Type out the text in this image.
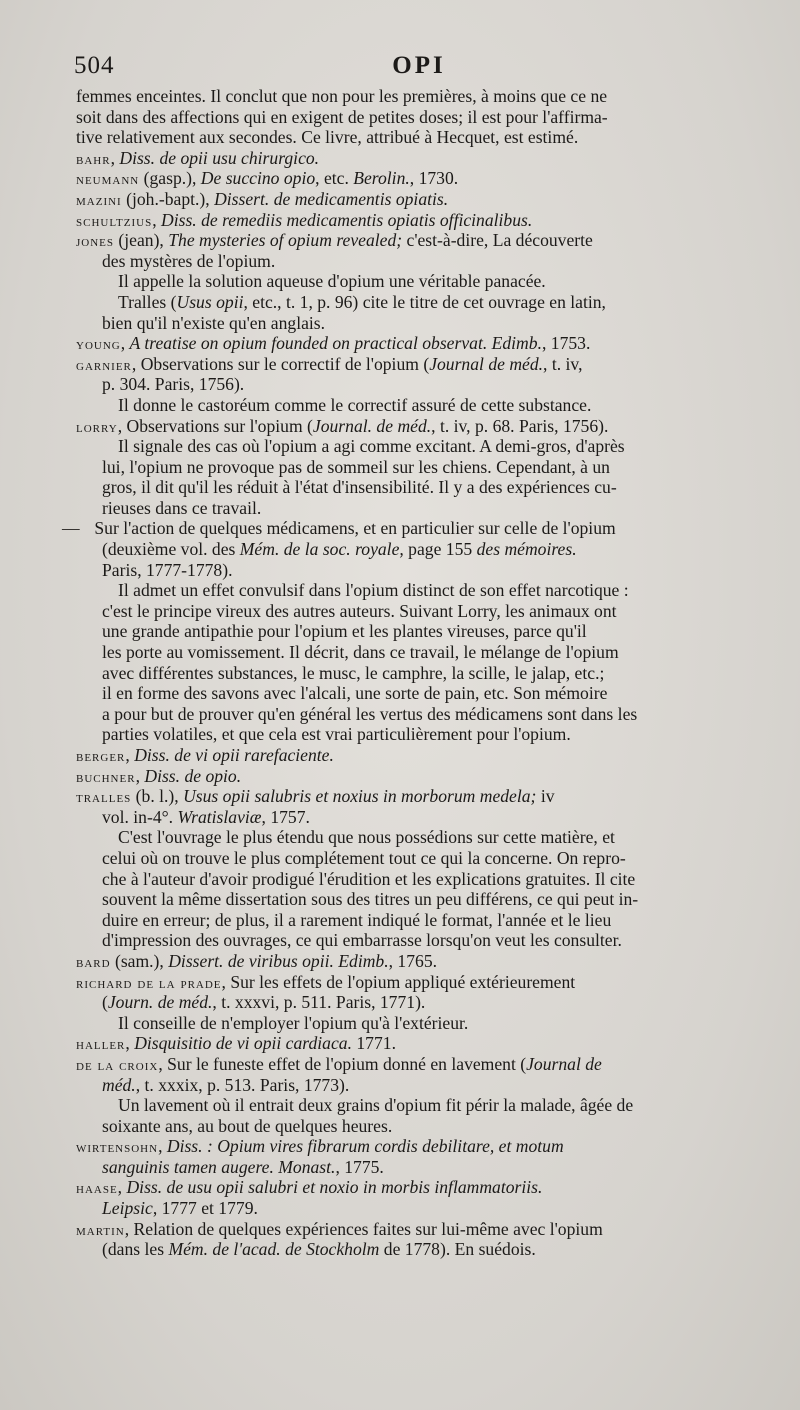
504	OPI
femmes enceintes. Il conclut que non pour les premières, à moins que ce ne
soit dans des affections qui en exigent de petites doses; il est pour l'affirma-
tive relativement aux secondes. Ce livre, attribué à Hecquet, est estimé.
bahr, Diss. de opii usu chirurgico.
neumann (gasp.), De succino opio, etc. Berolin., 1730.
mazini (joh.-bapt.), Dissert. de medicamentis opiatis.
schultzius, Diss. de remediis medicamentis opiatis officinalibus.
jones (jean), The mysteries of opium revealed; c'est-à-dire, La découverte
des mystères de l'opium.
Il appelle la solution aqueuse d'opium une véritable panacée.
Tralles (Usus opii, etc., t. 1, p. 96) cite le titre de cet ouvrage en latin,
bien qu'il n'existe qu'en anglais.
young, A treatise on opium founded on practical observat. Edimb., 1753.
garnier, Observations sur le correctif de l'opium (Journal de méd., t. iv,
p. 304. Paris, 1756).
Il donne le castoréum comme le correctif assuré de cette substance.
lorry, Observations sur l'opium (Journal. de méd., t. iv, p. 68. Paris, 1756).
Il signale des cas où l'opium a agi comme excitant. A demi-gros, d'après
lui, l'opium ne provoque pas de sommeil sur les chiens. Cependant, à un
gros, il dit qu'il les réduit à l'état d'insensibilité. Il y a des expériences cu-
rieuses dans ce travail.
— Sur l'action de quelques médicamens, et en particulier sur celle de l'opium
(deuxième vol. des Mém. de la soc. royale, page 155 des mémoires.
Paris, 1777-1778).
Il admet un effet convulsif dans l'opium distinct de son effet narcotique :
c'est le principe vireux des autres auteurs. Suivant Lorry, les animaux ont
une grande antipathie pour l'opium et les plantes vireuses, parce qu'il
les porte au vomissement. Il décrit, dans ce travail, le mélange de l'opium
avec différentes substances, le musc, le camphre, la scille, le jalap, etc.;
il en forme des savons avec l'alcali, une sorte de pain, etc. Son mémoire
a pour but de prouver qu'en général les vertus des médicamens sont dans les
parties volatiles, et que cela est vrai particulièrement pour l'opium.
berger, Diss. de vi opii rarefaciente.
buchner, Diss. de opio.
tralles (b. l.), Usus opii salubris et noxius in morborum medela; iv
vol. in-4°. Wratislaviæ, 1757.
C'est l'ouvrage le plus étendu que nous possédions sur cette matière, et
celui où on trouve le plus complétement tout ce qui la concerne. On repro-
che à l'auteur d'avoir prodigué l'érudition et les explications gratuites. Il cite
souvent la même dissertation sous des titres un peu différens, ce qui peut in-
duire en erreur; de plus, il a rarement indiqué le format, l'année et le lieu
d'impression des ouvrages, ce qui embarrasse lorsqu'on veut les consulter.
bard (sam.), Dissert. de viribus opii. Edimb., 1765.
richard de la prade, Sur les effets de l'opium appliqué extérieurement
(Journ. de méd., t. xxxvi, p. 511. Paris, 1771).
Il conseille de n'employer l'opium qu'à l'extérieur.
haller, Disquisitio de vi opii cardiaca. 1771.
de la croix, Sur le funeste effet de l'opium donné en lavement (Journal de
méd., t. xxxix, p. 513. Paris, 1773).
Un lavement où il entrait deux grains d'opium fit périr la malade, âgée de
soixante ans, au bout de quelques heures.
wirtensohn, Diss. : Opium vires fibrarum cordis debilitare, et motum
sanguinis tamen augere. Monast., 1775.
haase, Diss. de usu opii salubri et noxio in morbis inflammatoriis.
Leipsic, 1777 et 1779.
martin, Relation de quelques expériences faites sur lui-même avec l'opium
(dans les Mém. de l'acad. de Stockholm de 1778). En suédois.
